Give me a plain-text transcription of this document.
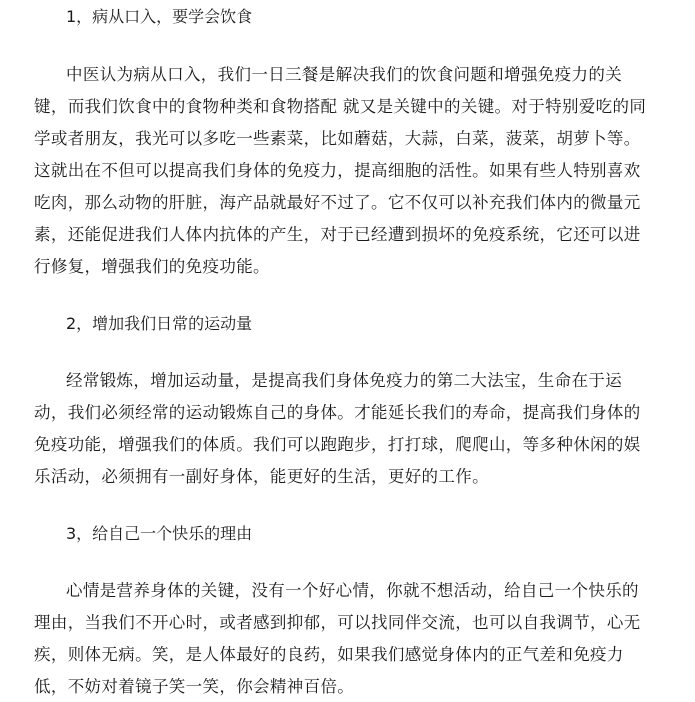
1，病从口入，要学会饮食
中医认为病从口入，我们一日三餐是解决我们的饮食问题和增强免疫力的关
键，而我们饮食中的食物种类和食物搭配 就又是关键中的关键。对于特别爱吃的同
学或者朋友，我光可以多吃一些素菜，比如蘑菇，大蒜，白菜，菠菜，胡萝卜等。
这就出在不但可以提高我们身体的免疫力，提高细胞的活性。如果有些人特别喜欢
吃肉，那么动物的肝脏，海产品就最好不过了。它不仅可以补充我们体内的微量元
素，还能促进我们人体内抗体的产生，对于已经遭到损坏的免疫系统，它还可以进
行修复，增强我们的免疫功能。
2，增加我们日常的运动量
经常锻炼，增加运动量，是提高我们身体免疫力的第二大法宝，生命在于运
动，我们必须经常的运动锻炼自己的身体。才能延长我们的寿命，提高我们身体的
免疫功能，增强我们的体质。我们可以跑跑步，打打球，爬爬山，等多种休闲的娱
乐活动，必须拥有一副好身体，能更好的生活，更好的工作。
3，给自己一个快乐的理由
心情是营养身体的关键，没有一个好心情，你就不想活动，给自己一个快乐的
理由，当我们不开心时，或者感到抑郁，可以找同伴交流，也可以自我调节，心无
疾，则体无病。笑，是人体最好的良药，如果我们感觉身体内的正气差和免疫力
低，不妨对着镜子笑一笑，你会精神百倍。
